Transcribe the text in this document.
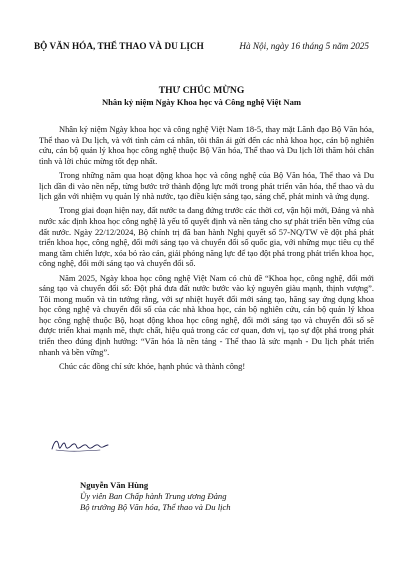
BỘ VĂN HÓA, THỂ THAO VÀ DU LỊCH	Hà Nội, ngày 16 tháng 5 năm 2025
THƯ CHÚC MỪNG
Nhân kỷ niệm Ngày Khoa học và Công nghệ Việt Nam

Nhân kỷ niệm Ngày khoa học và công nghệ Việt Nam 18-5, thay mặt Lãnh đạo Bộ Văn hóa, Thể thao và Du lịch, và với tình cảm cá nhân, tôi thân ái gửi đến các nhà khoa học, cán bộ nghiên cứu, cán bộ quản lý khoa học công nghệ thuộc Bộ Văn hóa, Thể thao và Du lịch lời thăm hỏi chân tình và lời chúc mừng tốt đẹp nhất.

Trong những năm qua hoạt động khoa học và công nghệ của Bộ Văn hóa, Thể thao và Du lịch dần đi vào nền nếp, từng bước trở thành động lực mới trong phát triển văn hóa, thể thao và du lịch gắn với nhiệm vụ quản lý nhà nước, tạo điều kiện sáng tạo, sáng chế, phát minh và ứng dụng.

Trong giai đoạn hiện nay, đất nước ta đang đứng trước các thời cơ, vận hội mới, Đảng và nhà nước xác định khoa học công nghệ là yếu tố quyết định và nền tảng cho sự phát triển bền vững của đất nước. Ngày 22/12/2024, Bộ chính trị đã ban hành Nghị quyết số 57-NQ/TW về đột phá phát triển khoa học, công nghệ, đổi mới sáng tạo và chuyển đổi số quốc gia, với những mục tiêu cụ thể mang tầm chiến lược, xóa bỏ rào cản, giải phóng năng lực để tạo đột phá trong phát triển khoa học, công nghệ, đổi mới sáng tạo và chuyển đổi số.

Năm 2025, Ngày khoa học công nghệ Việt Nam có chủ đề “Khoa học, công nghệ, đổi mới sáng tạo và chuyển đổi số: Đột phá đưa đất nước bước vào kỷ nguyên giàu mạnh, thịnh vượng”. Tôi mong muốn và tin tưởng rằng, với sự nhiệt huyết đổi mới sáng tạo, hăng say ứng dụng khoa học công nghệ và chuyển đổi số của các nhà khoa học, cán bộ nghiên cứu, cán bộ quản lý khoa học công nghệ thuộc Bộ, hoạt động khoa học công nghệ, đổi mới sáng tạo và chuyển đổi số sẽ được triển khai mạnh mẽ, thực chất, hiệu quả trong các cơ quan, đơn vị, tạo sự đột phá trong phát triển theo đúng định hướng: “Văn hóa là nền tảng - Thể thao là sức mạnh - Du lịch phát triển nhanh và bền vững”.

Chúc các đồng chí sức khỏe, hạnh phúc và thành công!

Nguyễn Văn Hùng
Ủy viên Ban Chấp hành Trung ương Đảng
Bộ trưởng Bộ Văn hóa, Thể thao và Du lịch
